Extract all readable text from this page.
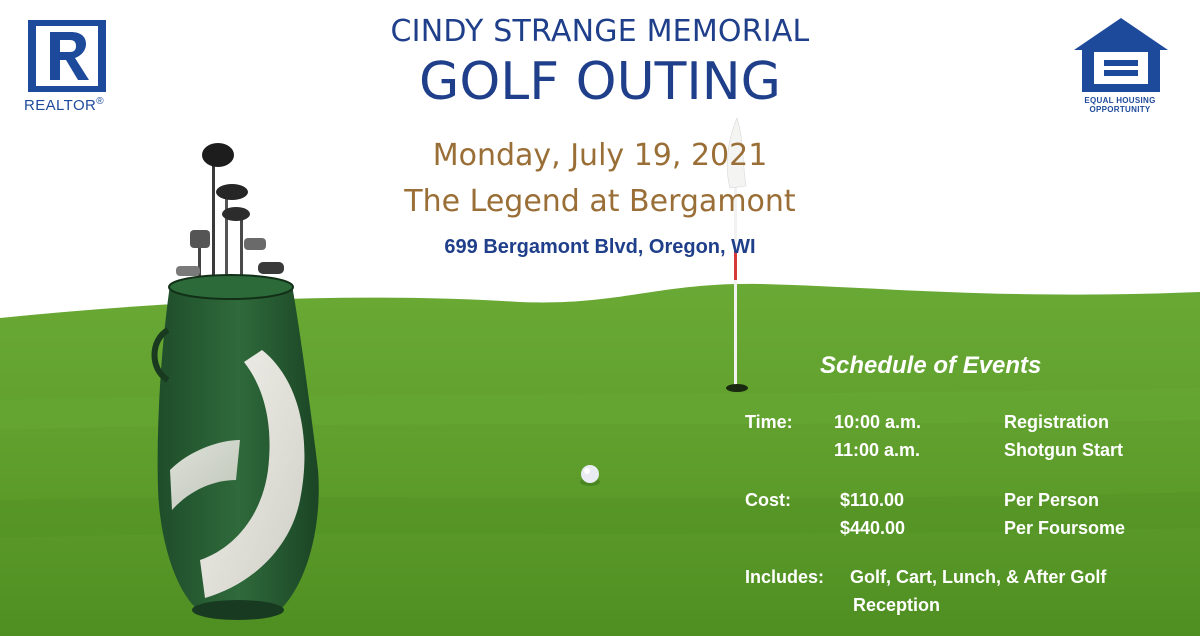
REALTOR®	EQUAL HOUSING
OPPORTUNITY
CINDY STRANGE MEMORIAL
GOLF OUTING
Monday, July 19, 2021
The Legend at Bergamont
699 Bergamont Blvd, Oregon, WI
Schedule of Events
Time: 10:00 a.m.	Registration
11:00 a.m.	Shotgun Start
Cost:	$110.00	Per Person
$440.00	Per Foursome
Includes: Golf, Cart, Lunch, & After Golf
Reception
